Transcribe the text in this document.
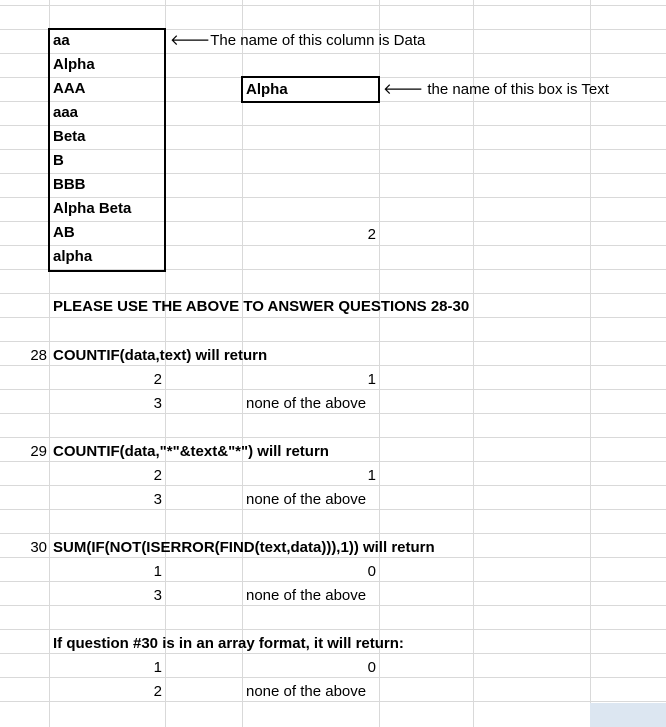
aa
Alpha
AAA
aaa
Beta
B
BBB
Alpha Beta
AB
alpha
🡐The name of this column is Data
Alpha	🡐 the name of this box is Text
2
PLEASE USE THE ABOVE TO ANSWER QUESTIONS 28-30
28 COUNTIF(data,text) will return
2	1
3	none of the above
29 COUNTIF(data,"*"&text&"*") will return
2	1
3	none of the above
30 SUM(IF(NOT(ISERROR(FIND(text,data))),1)) will return
1	0
3	none of the above
If question #30 is in an array format, it will return:
1	0
2	none of the above
